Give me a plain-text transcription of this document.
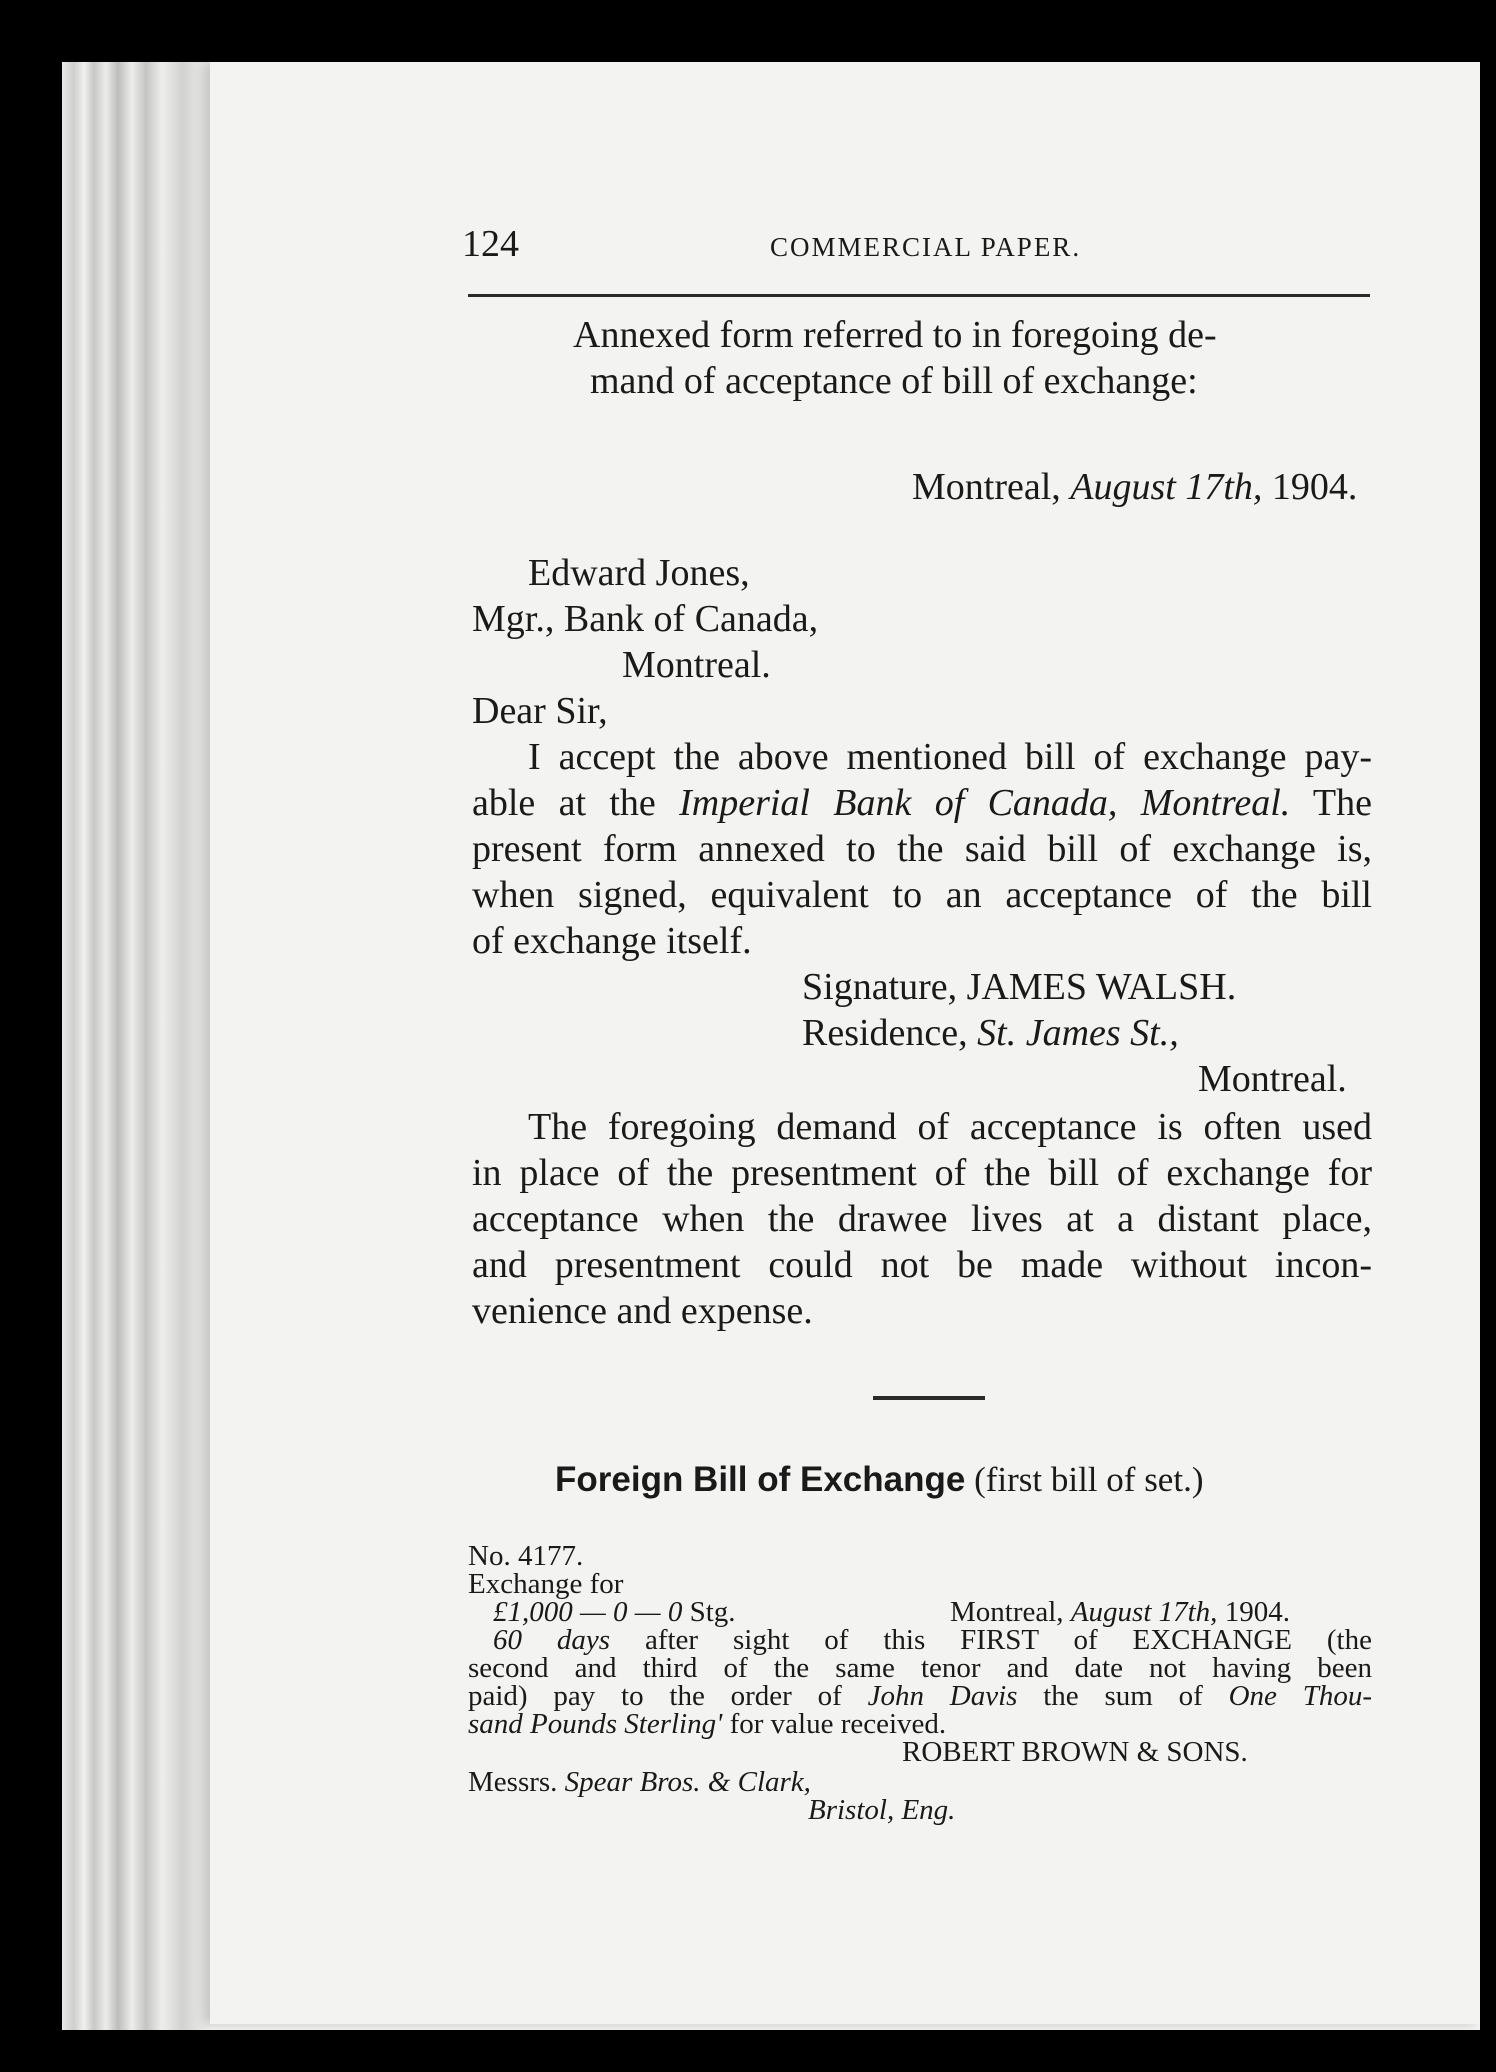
124	COMMERCIAL PAPER.
Annexed form referred to in foregoing de-
mand of acceptance of bill of exchange:
Montreal, August 17th, 1904.
Edward Jones,
Mgr., Bank of Canada,
Montreal.
Dear Sir,
I accept the above mentioned bill of exchange pay-
able at the Imperial Bank of Canada, Montreal. The
present form annexed to the said bill of exchange is,
when signed, equivalent to an acceptance of the bill
of exchange itself.
Signature, JAMES WALSH.
Residence, St. James St.,
Montreal.
The foregoing demand of acceptance is often used
in place of the presentment of the bill of exchange for
acceptance when the drawee lives at a distant place,
and presentment could not be made without incon-
venience and expense.
Foreign Bill of Exchange (first bill of set.)
No. 4177.
Exchange for
£1,000 — 0 — 0 Stg.	Montreal, August 17th, 1904.
60 days after sight of this FIRST of EXCHANGE (the
second and third of the same tenor and date not having been
paid) pay to the order of John Davis the sum of One Thou-
sand Pounds Sterling' for value received.
ROBERT BROWN & SONS.
Messrs. Spear Bros. & Clark,
Bristol, Eng.
